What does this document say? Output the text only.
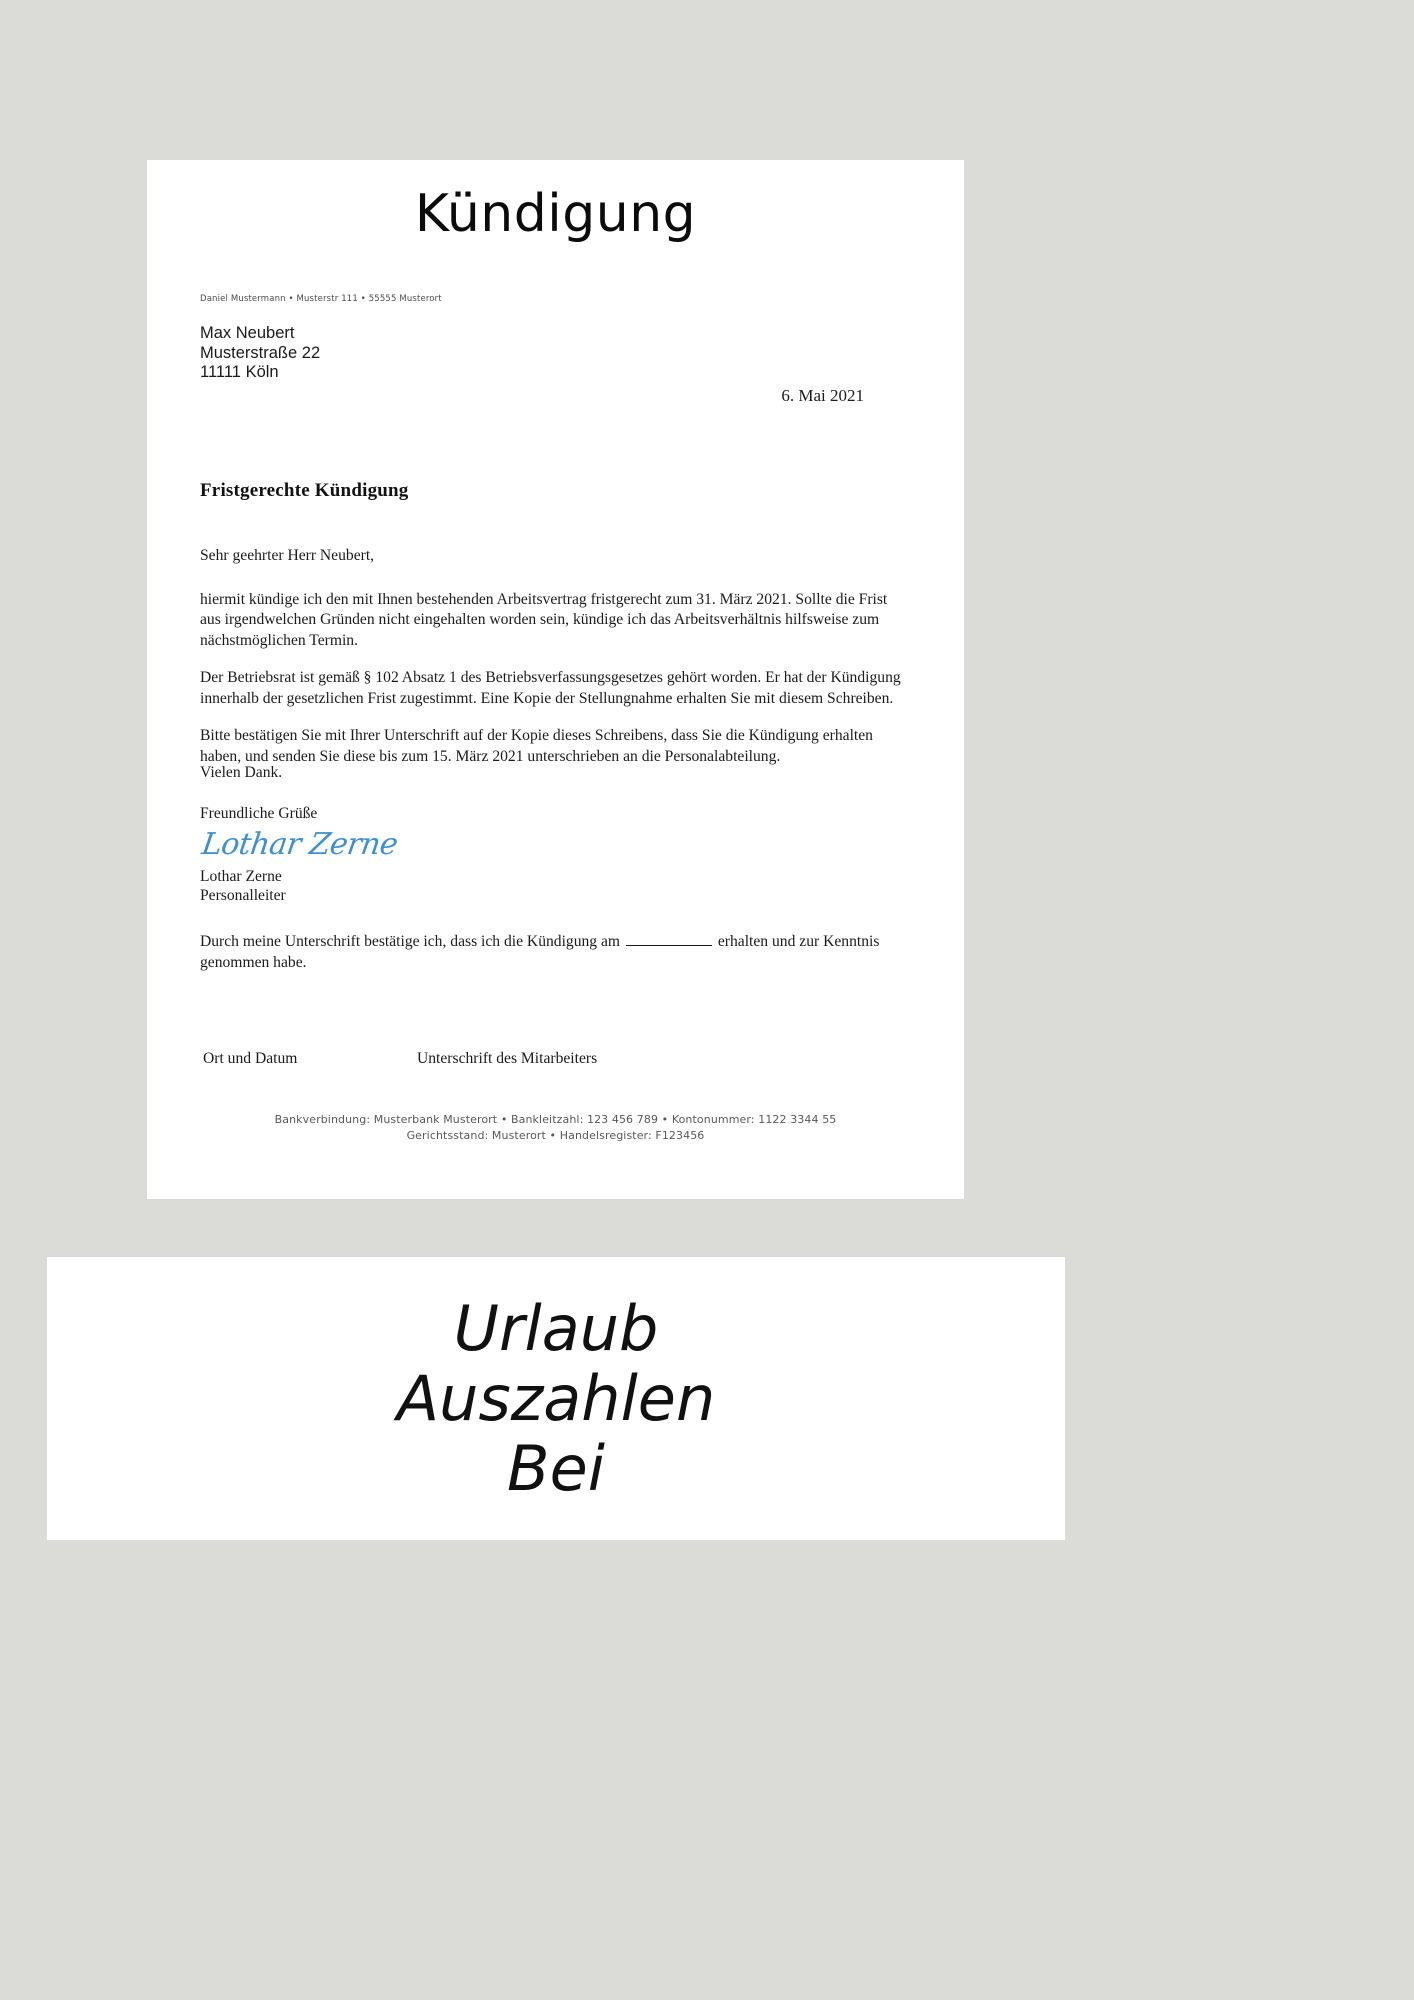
Kündigung
Daniel Mustermann • Musterstr 111 • 55555 Musterort
Max Neubert
Musterstraße 22
11111 Köln
6. Mai 2021
Fristgerechte Kündigung

Sehr geehrter Herr Neubert,

hiermit kündige ich den mit Ihnen bestehenden Arbeitsvertrag fristgerecht zum 31. März 2021. Sollte die Frist aus irgendwelchen Gründen nicht eingehalten worden sein, kündige ich das Arbeitsverhältnis hilfsweise zum nächstmöglichen Termin.

Der Betriebsrat ist gemäß § 102 Absatz 1 des Betriebsverfassungsgesetzes gehört worden. Er hat der Kündigung innerhalb der gesetzlichen Frist zugestimmt. Eine Kopie der Stellungnahme erhalten Sie mit diesem Schreiben.

Bitte bestätigen Sie mit Ihrer Unterschrift auf der Kopie dieses Schreibens, dass Sie die Kündigung erhalten haben, und senden Sie diese bis zum 15. März 2021 unterschrieben an die Personalabteilung.

Vielen Dank.
Freundliche Grüße
Lothar Zerne
Lothar Zerne
Personalleiter
Durch meine Unterschrift bestätige ich, dass ich die Kündigung am	erhalten und zur Kenntnis genommen habe.
Ort und Datum	Unterschrift des Mitarbeiters
Bankverbindung: Musterbank Musterort • Bankleitzahl: 123 456 789 • Kontonummer: 1122 3344 55
Gerichtsstand: Musterort • Handelsregister: F123456
Urlaub
Auszahlen
Bei
